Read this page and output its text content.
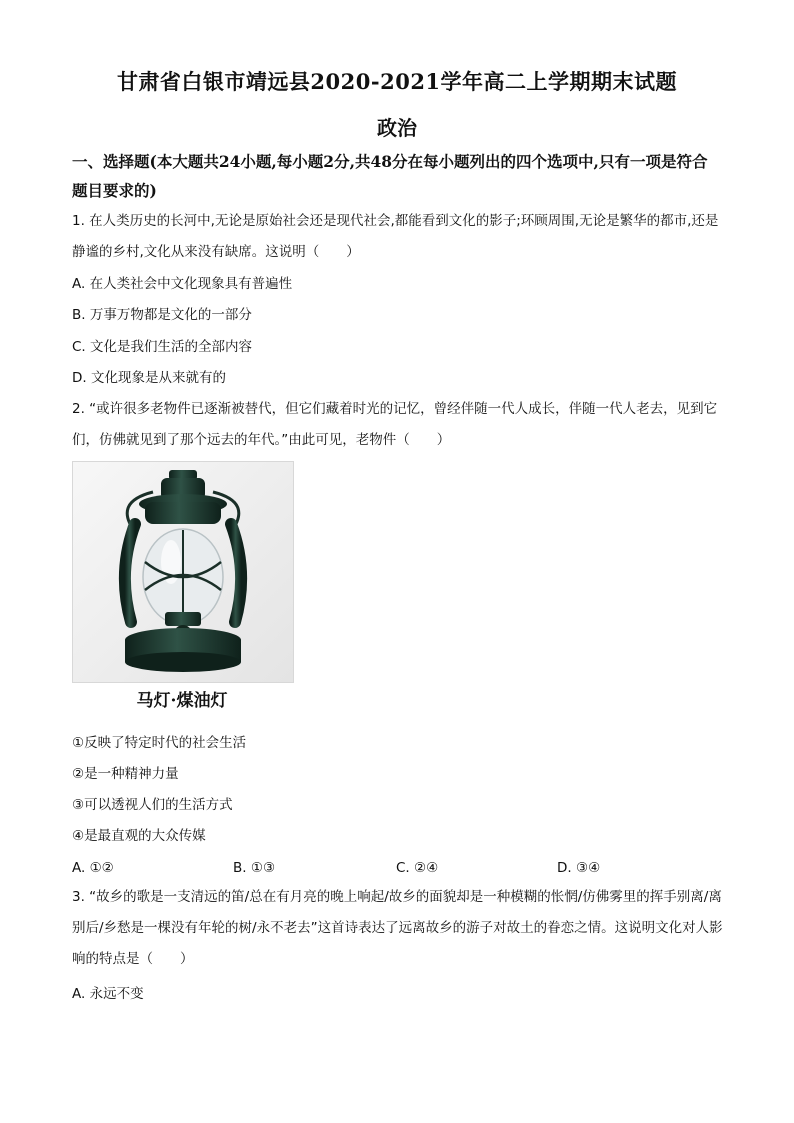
甘肃省白银市靖远县2020-2021学年高二上学期期末试题
政治
一、选择题(本大题共24小题,每小题2分,共48分在每小题列出的四个选项中,只有一项是符合题目要求的)
1. 在人类历史的长河中,无论是原始社会还是现代社会,都能看到文化的影子;环顾周围,无论是繁华的都市,还是静谧的乡村,文化从来没有缺席。这说明（　　）
A. 在人类社会中文化现象具有普遍性
B. 万事万物都是文化的一部分
C. 文化是我们生活的全部内容
D. 文化现象是从来就有的
2. “或许很多老物件已逐渐被替代，但它们藏着时光的记忆，曾经伴随一代人成长，伴随一代人老去，见到它们，仿佛就见到了那个远去的年代。”由此可见，老物件（　　）
马灯·煤油灯
①反映了特定时代的社会生活
②是一种精神力量
③可以透视人们的生活方式
④是最直观的大众传媒
A. ①②	B. ①③	C. ②④	D. ③④
3. “故乡的歌是一支清远的笛/总在有月亮的晚上响起/故乡的面貌却是一种模糊的怅惘/仿佛雾里的挥手别离/离别后/乡愁是一棵没有年轮的树/永不老去”这首诗表达了远离故乡的游子对故土的眷恋之情。这说明文化对人影响的特点是（　　）
A. 永远不变
